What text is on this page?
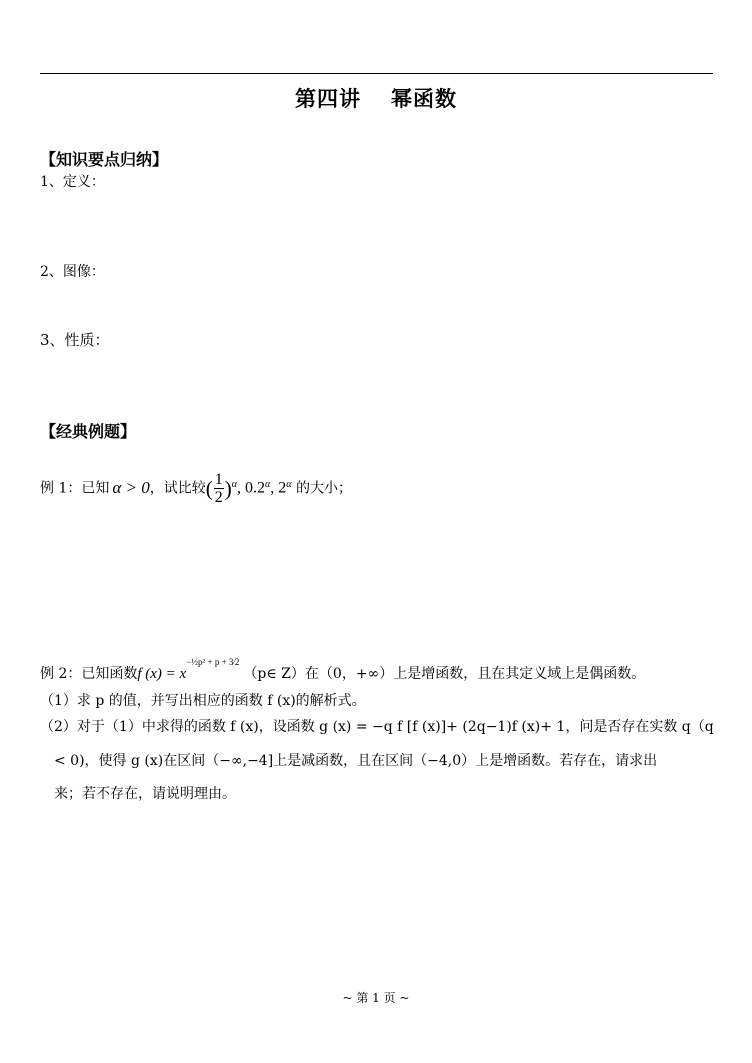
第四讲 幂函数
【知识要点归纳】
1、定义：
2、图像：
3、性质：
【经典例题】
例 1：已知 α > 0，试比较( $\frac{1}{2} )^\alpha$, $0.2^\alpha$, $2^\alpha$ 的大小；
例 2：已知函数f $(x) = x^{-\frac{1}{2}p^2 + p + 3⁄2}(p\in$ Z）在（0，+∞）上是增函数，且在其定义域上是偶函数。
（1）求 p 的值，并写出相应的函数 f (x)的解析式。
（2）对于（1）中求得的函数 f (x)，设函数 g (x) = −q f [f (x)]+ (2q−1)f (x)+ 1，问是否存在实数 q（q
< 0)，使得 g (x)在区间（−∞,−4]上是减函数，且在区间（−4,0）上是增函数。若存在，请求出
来；若不存在，请说明理由。
~ 第 1 页 ~
